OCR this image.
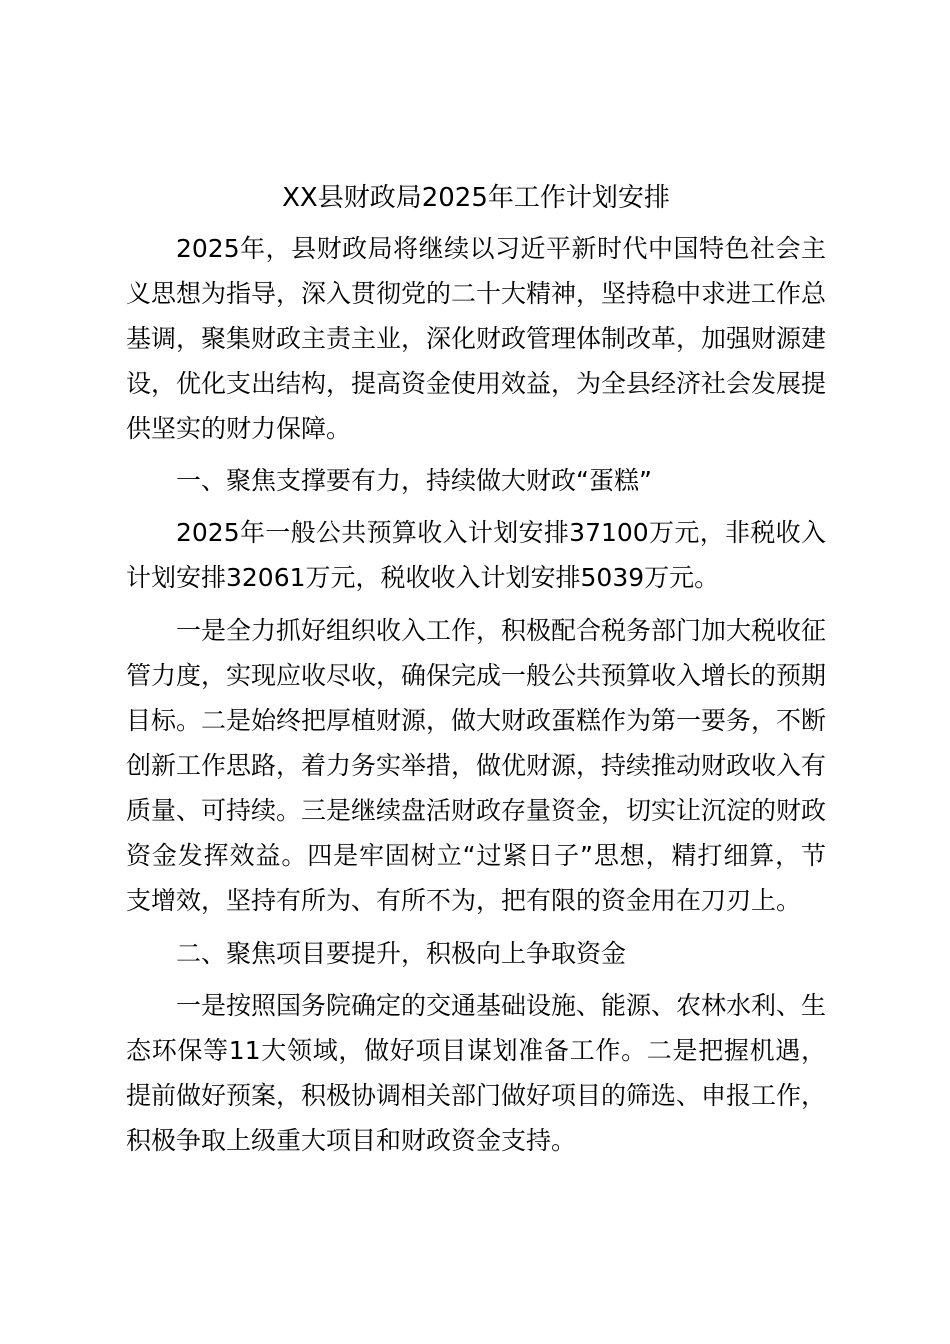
XX县财政局2025年工作计划安排

2025年，县财政局将继续以习近平新时代中国特色社会主义思想为指导，深入贯彻党的二十大精神，坚持稳中求进工作总基调，聚集财政主责主业，深化财政管理体制改革，加强财源建设，优化支出结构，提高资金使用效益，为全县经济社会发展提供坚实的财力保障。

一、聚焦支撑要有力，持续做大财政“蛋糕”

2025年一般公共预算收入计划安排37100万元，非税收入计划安排32061万元，税收收入计划安排5039万元。

一是全力抓好组织收入工作，积极配合税务部门加大税收征管力度，实现应收尽收，确保完成一般公共预算收入增长的预期目标。二是始终把厚植财源，做大财政蛋糕作为第一要务，不断创新工作思路，着力务实举措，做优财源，持续推动财政收入有质量、可持续。三是继续盘活财政存量资金，切实让沉淀的财政资金发挥效益。四是牢固树立“过紧日子”思想，精打细算，节支增效，坚持有所为、有所不为，把有限的资金用在刀刃上。

二、聚焦项目要提升，积极向上争取资金

一是按照国务院确定的交通基础设施、能源、农林水利、生态环保等11大领域，做好项目谋划准备工作。二是把握机遇，提前做好预案，积极协调相关部门做好项目的筛选、申报工作，积极争取上级重大项目和财政资金支持。
